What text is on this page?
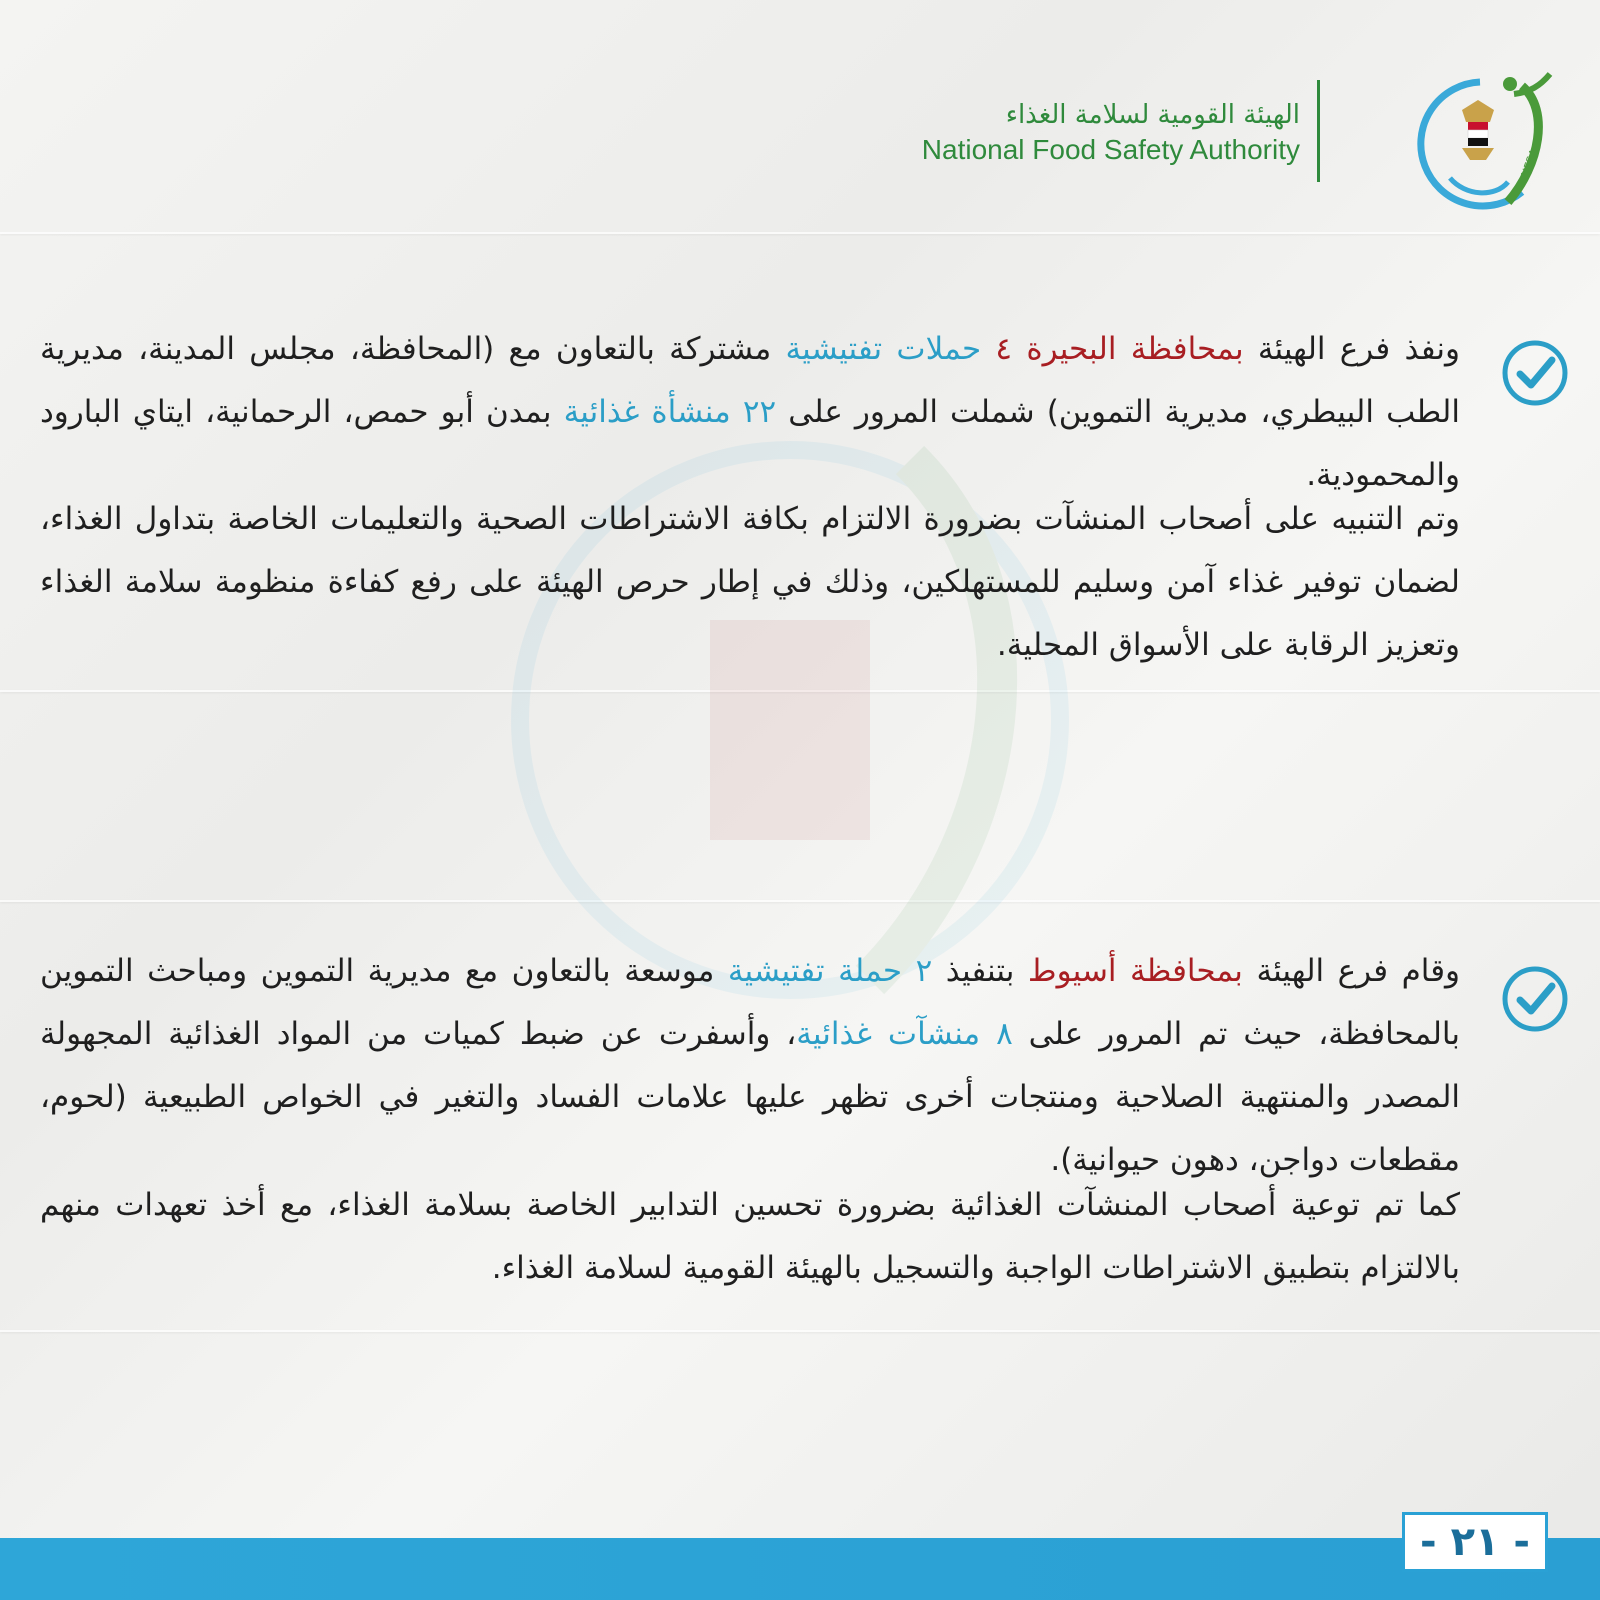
الهيئة القومية لسلامة الغذاء
National Food Safety Authority	NFSA

ونفذ فرع الهيئة بمحافظة البحيرة ٤ حملات تفتيشية مشتركة بالتعاون مع (المحافظة، مجلس المدينة، مديرية الطب البيطري، مديرية التموين) شملت المرور على ٢٢ منشأة غذائية بمدن أبو حمص، الرحمانية، ايتاي البارود والمحمودية.

وتم التنبيه على أصحاب المنشآت بضرورة الالتزام بكافة الاشتراطات الصحية والتعليمات الخاصة بتداول الغذاء، لضمان توفير غذاء آمن وسليم للمستهلكين، وذلك في إطار حرص الهيئة على رفع كفاءة منظومة سلامة الغذاء وتعزيز الرقابة على الأسواق المحلية.

وقام فرع الهيئة بمحافظة أسيوط بتنفيذ ٢ حملة تفتيشية موسعة بالتعاون مع مديرية التموين ومباحث التموين بالمحافظة، حيث تم المرور على ٨ منشآت غذائية، وأسفرت عن ضبط كميات من المواد الغذائية المجهولة المصدر والمنتهية الصلاحية ومنتجات أخرى تظهر عليها علامات الفساد والتغير في الخواص الطبيعية (لحوم، مقطعات دواجن، دهون حيوانية).

كما تم توعية أصحاب المنشآت الغذائية بضرورة تحسين التدابير الخاصة بسلامة الغذاء، مع أخذ تعهدات منهم بالالتزام بتطبيق الاشتراطات الواجبة والتسجيل بالهيئة القومية لسلامة الغذاء.

- ٢١ -
